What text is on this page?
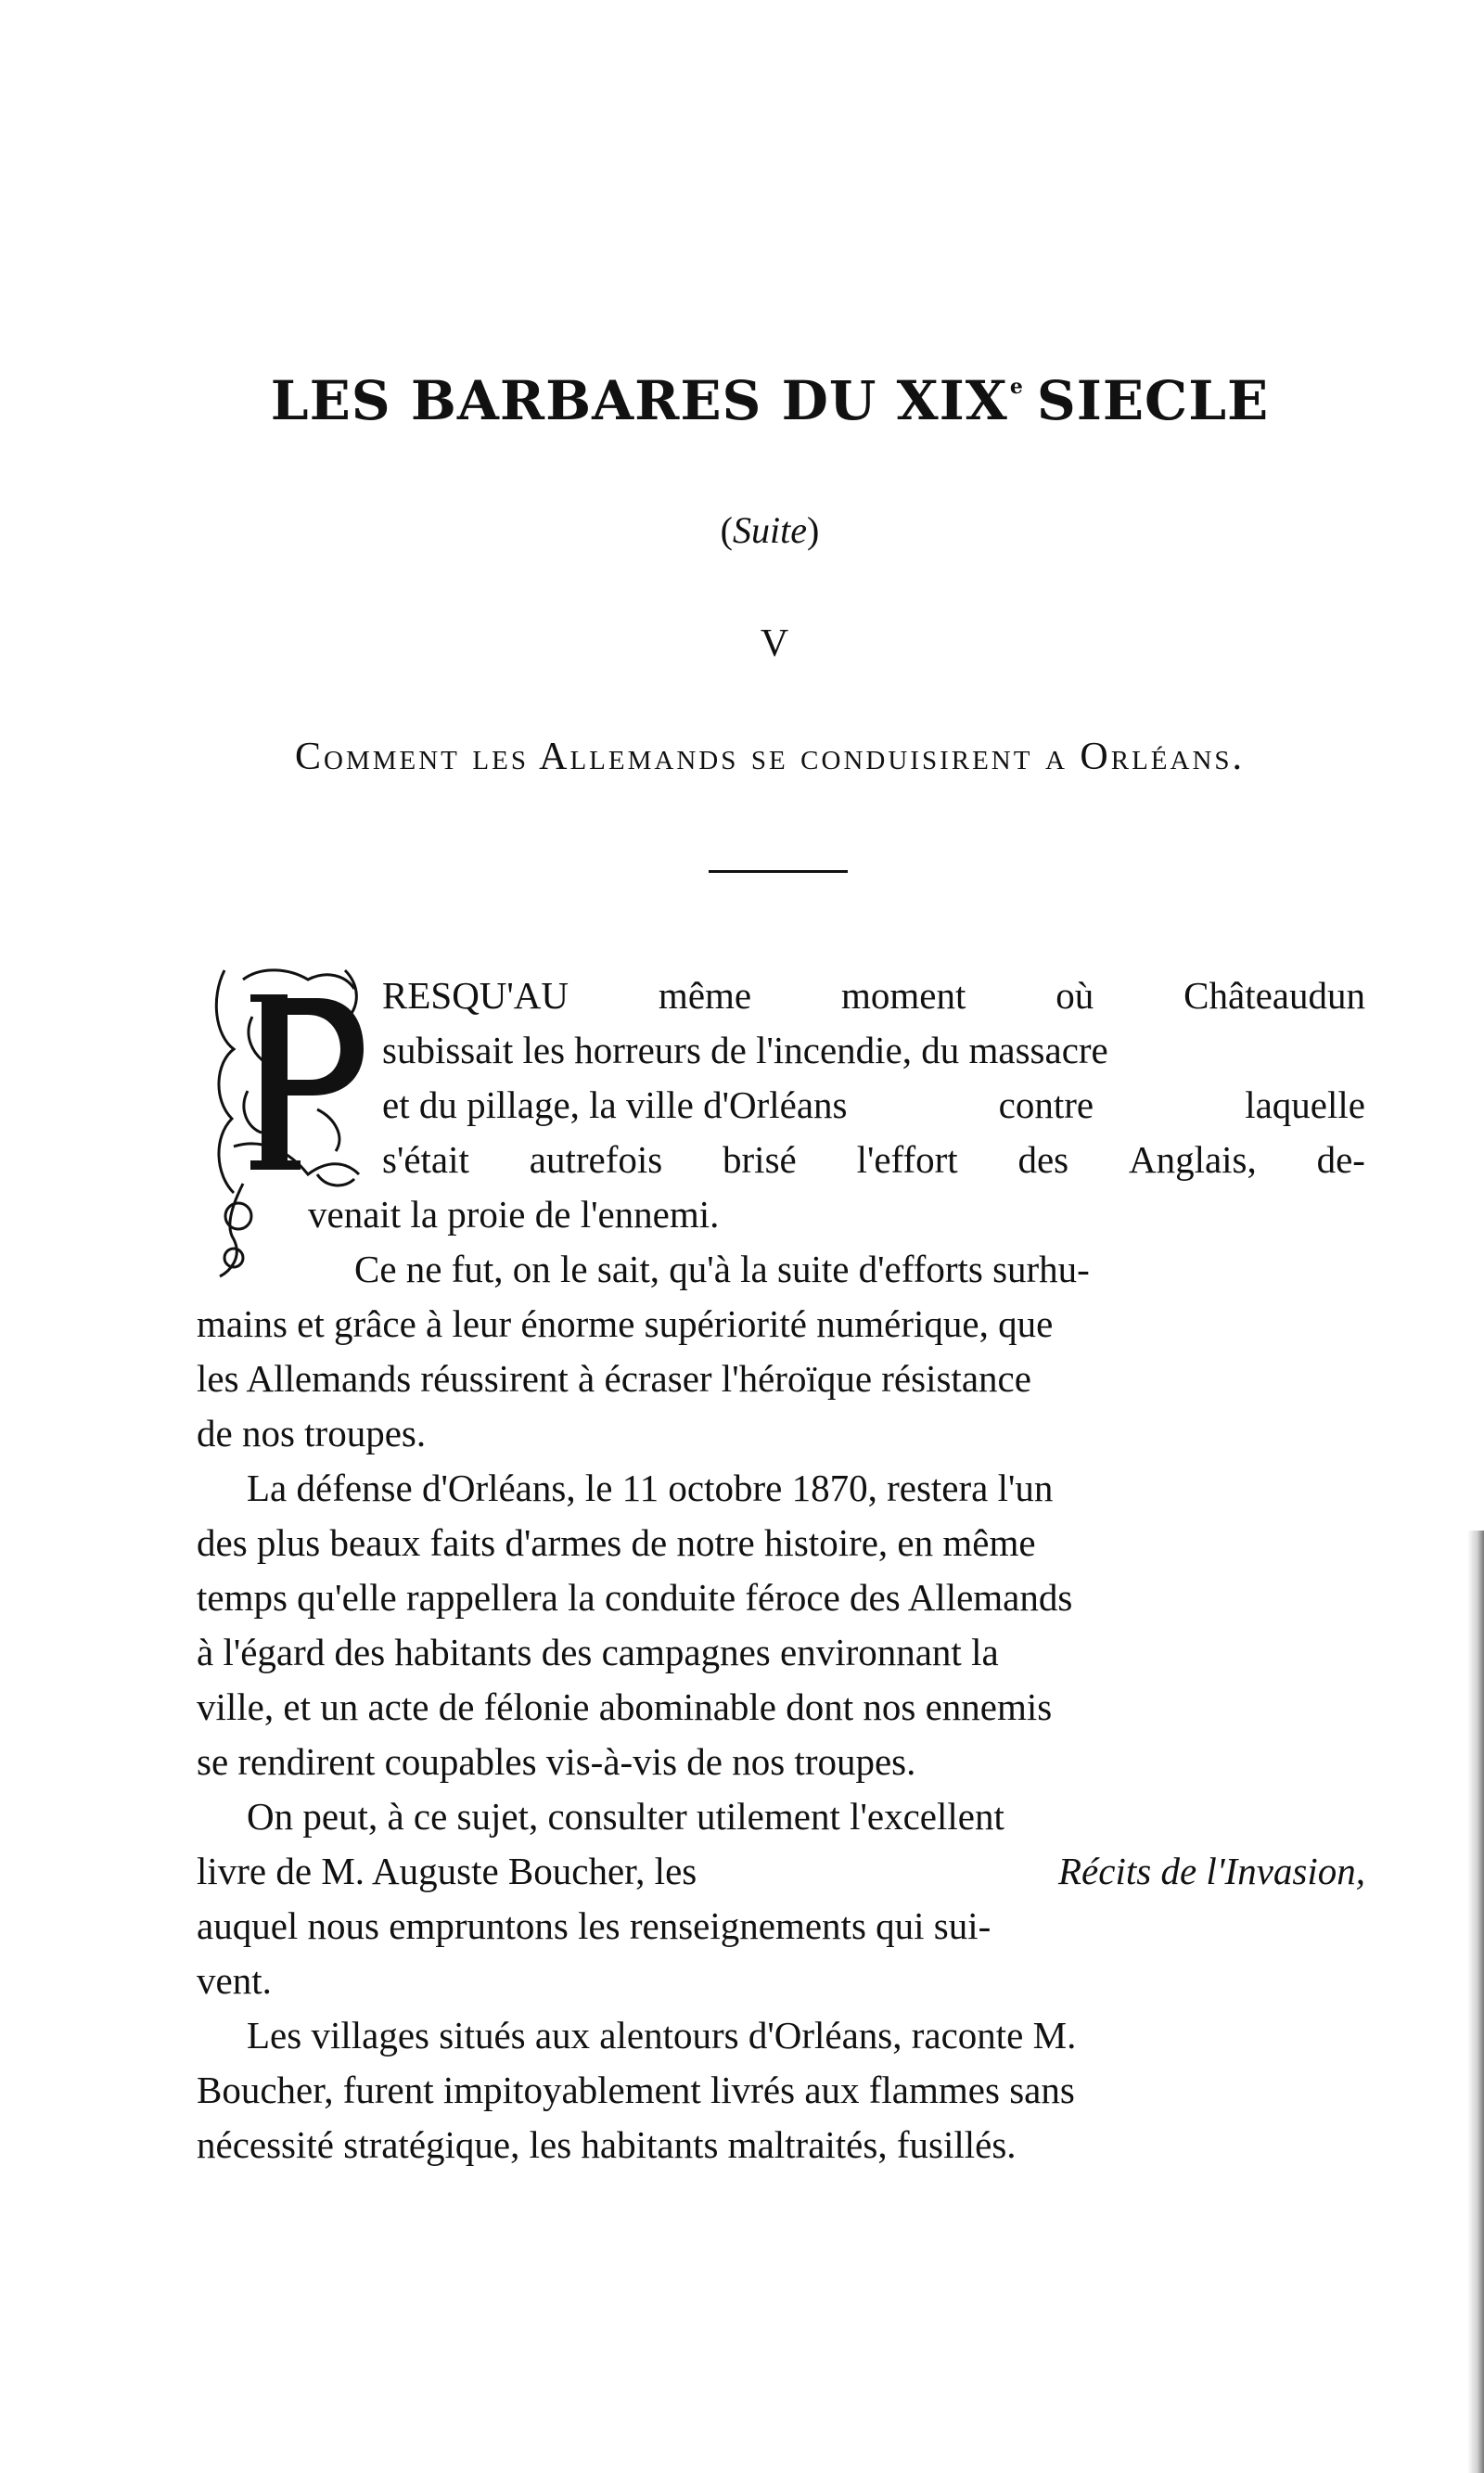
LES BARBARES DU XIXe SIECLE
(Suite)
V
Comment les Allemands se conduisirent a Orléans.
P
RESQU'AU même moment où Châteaudun
subissait les horreurs de l'incendie, du massacre
et du pillage, la ville d'Orléans	contre	laquelle
s'était autrefois brisé l'effort des Anglais, de-
venait la proie de l'ennemi.
Ce ne fut, on le sait, qu'à la suite d'efforts surhu-
mains et grâce à leur énorme supériorité numérique, que
les Allemands réussirent à écraser l'héroïque résistance
de nos troupes.
La défense d'Orléans, le 11 octobre 1870, restera l'un
des plus beaux faits d'armes de notre histoire, en même
temps qu'elle rappellera la conduite féroce des Allemands
à l'égard des habitants des campagnes environnant la
ville, et un acte de félonie abominable dont nos ennemis
se rendirent coupables vis-à-vis de nos troupes.
On peut, à ce sujet, consulter utilement l'excellent
livre de M. Auguste Boucher, les	Récits de l'Invasion,
auquel nous empruntons les renseignements qui sui-
vent.
Les villages situés aux alentours d'Orléans, raconte M.
Boucher, furent impitoyablement livrés aux flammes sans
nécessité stratégique, les habitants maltraités, fusillés.
